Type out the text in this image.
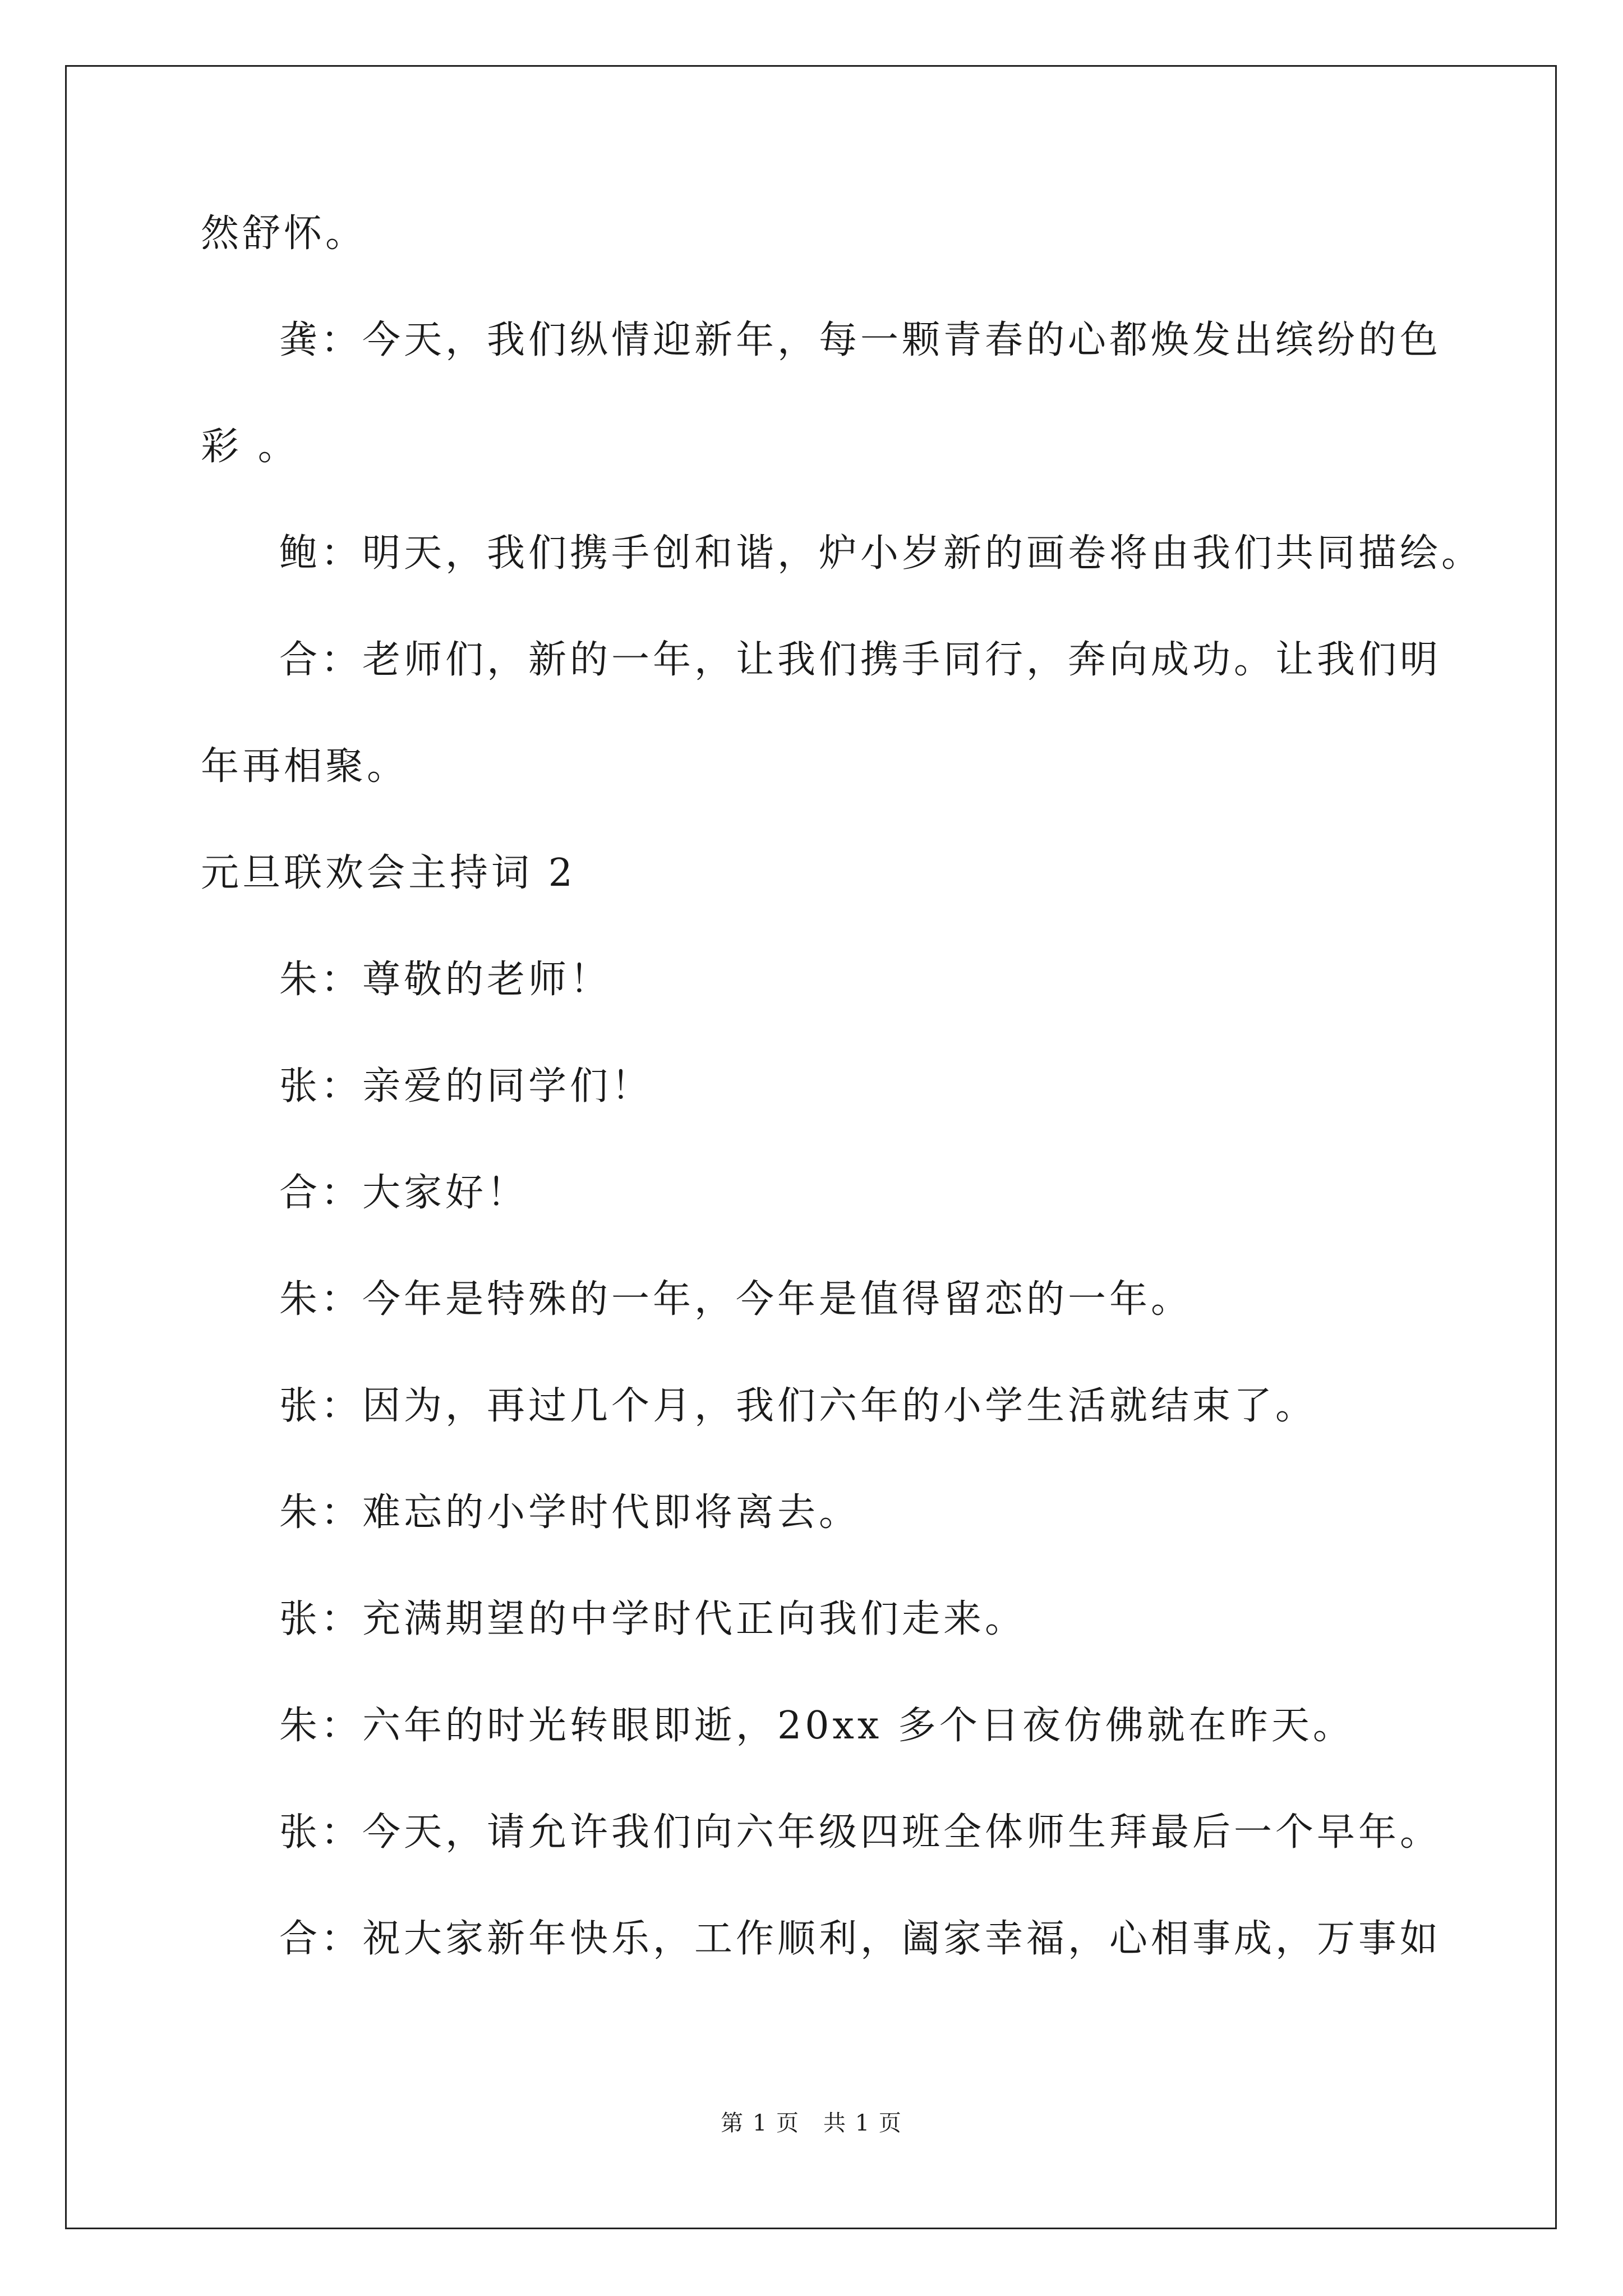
然舒怀。
龚：今天，我们纵情迎新年，每一颗青春的心都焕发出缤纷的色
彩 。
鲍：明天，我们携手创和谐，炉小岁新的画卷将由我们共同描绘。
合：老师们，新的一年，让我们携手同行，奔向成功。让我们明
年再相聚。
元旦联欢会主持词 2
朱：尊敬的老师！
张：亲爱的同学们！
合：大家好！
朱：今年是特殊的一年，今年是值得留恋的一年。
张：因为，再过几个月，我们六年的小学生活就结束了。
朱：难忘的小学时代即将离去。
张：充满期望的中学时代正向我们走来。
朱：六年的时光转眼即逝，20xx 多个日夜仿佛就在昨天。
张：今天，请允许我们向六年级四班全体师生拜最后一个早年。
合：祝大家新年快乐，工作顺利，阖家幸福，心相事成，万事如
第 1 页　共 1 页
